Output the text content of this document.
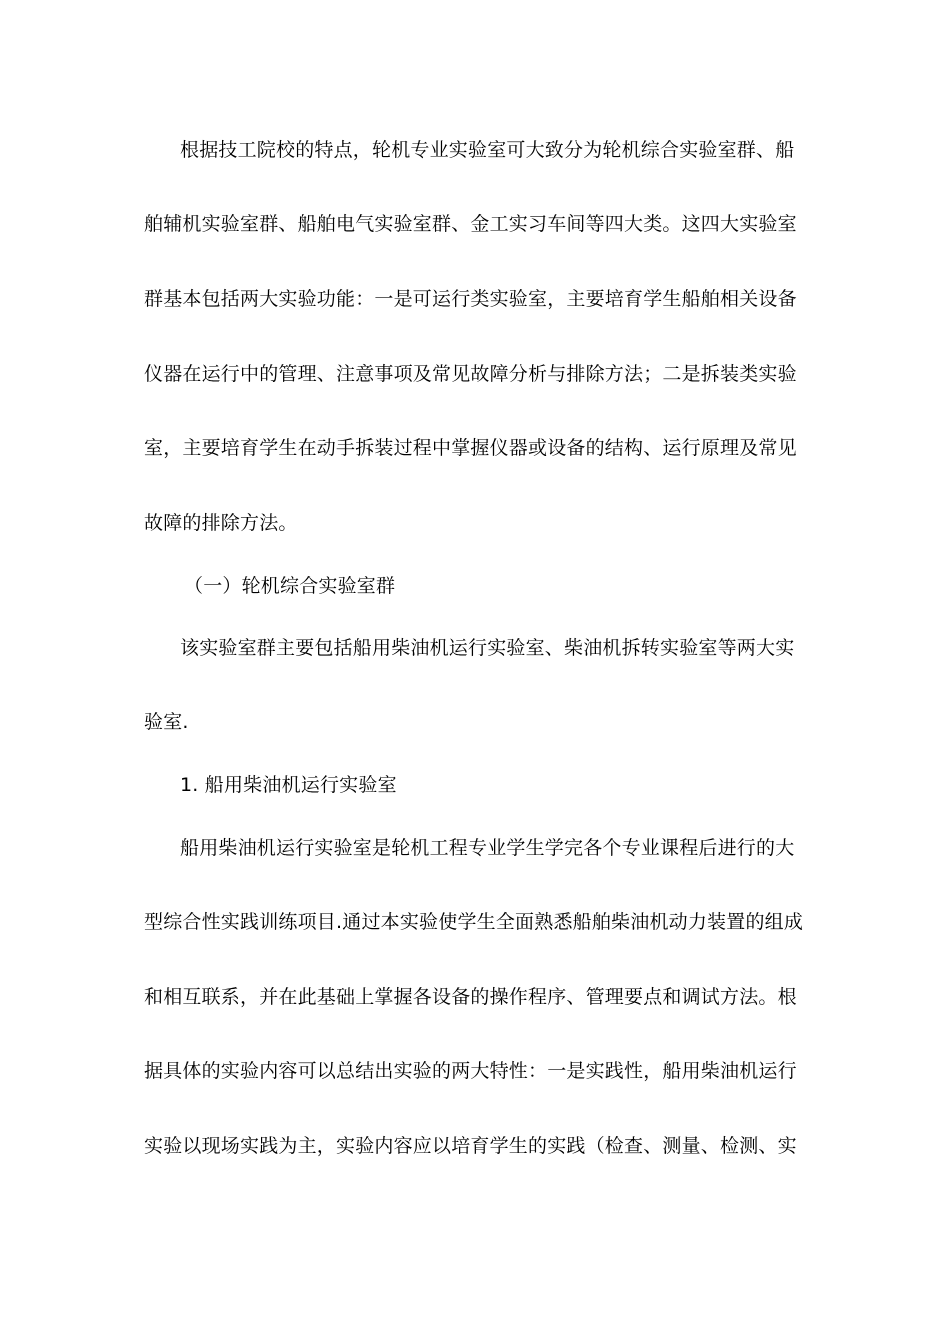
根据技工院校的特点，轮机专业实验室可大致分为轮机综合实验室群、船
舶辅机实验室群、船舶电气实验室群、金工实习车间等四大类。这四大实验室
群基本包括两大实验功能：一是可运行类实验室，主要培育学生船舶相关设备
仪器在运行中的管理、注意事项及常见故障分析与排除方法；二是拆装类实验
室，主要培育学生在动手拆装过程中掌握仪器或设备的结构、运行原理及常见
故障的排除方法。
（一）轮机综合实验室群
该实验室群主要包括船用柴油机运行实验室、柴油机拆转实验室等两大实
验室.
1. 船用柴油机运行实验室
船用柴油机运行实验室是轮机工程专业学生学完各个专业课程后进行的大
型综合性实践训练项目.通过本实验使学生全面熟悉船舶柴油机动力装置的组成
和相互联系，并在此基础上掌握各设备的操作程序、管理要点和调试方法。根
据具体的实验内容可以总结出实验的两大特性：一是实践性，船用柴油机运行
实验以现场实践为主，实验内容应以培育学生的实践（检查、测量、检测、实
